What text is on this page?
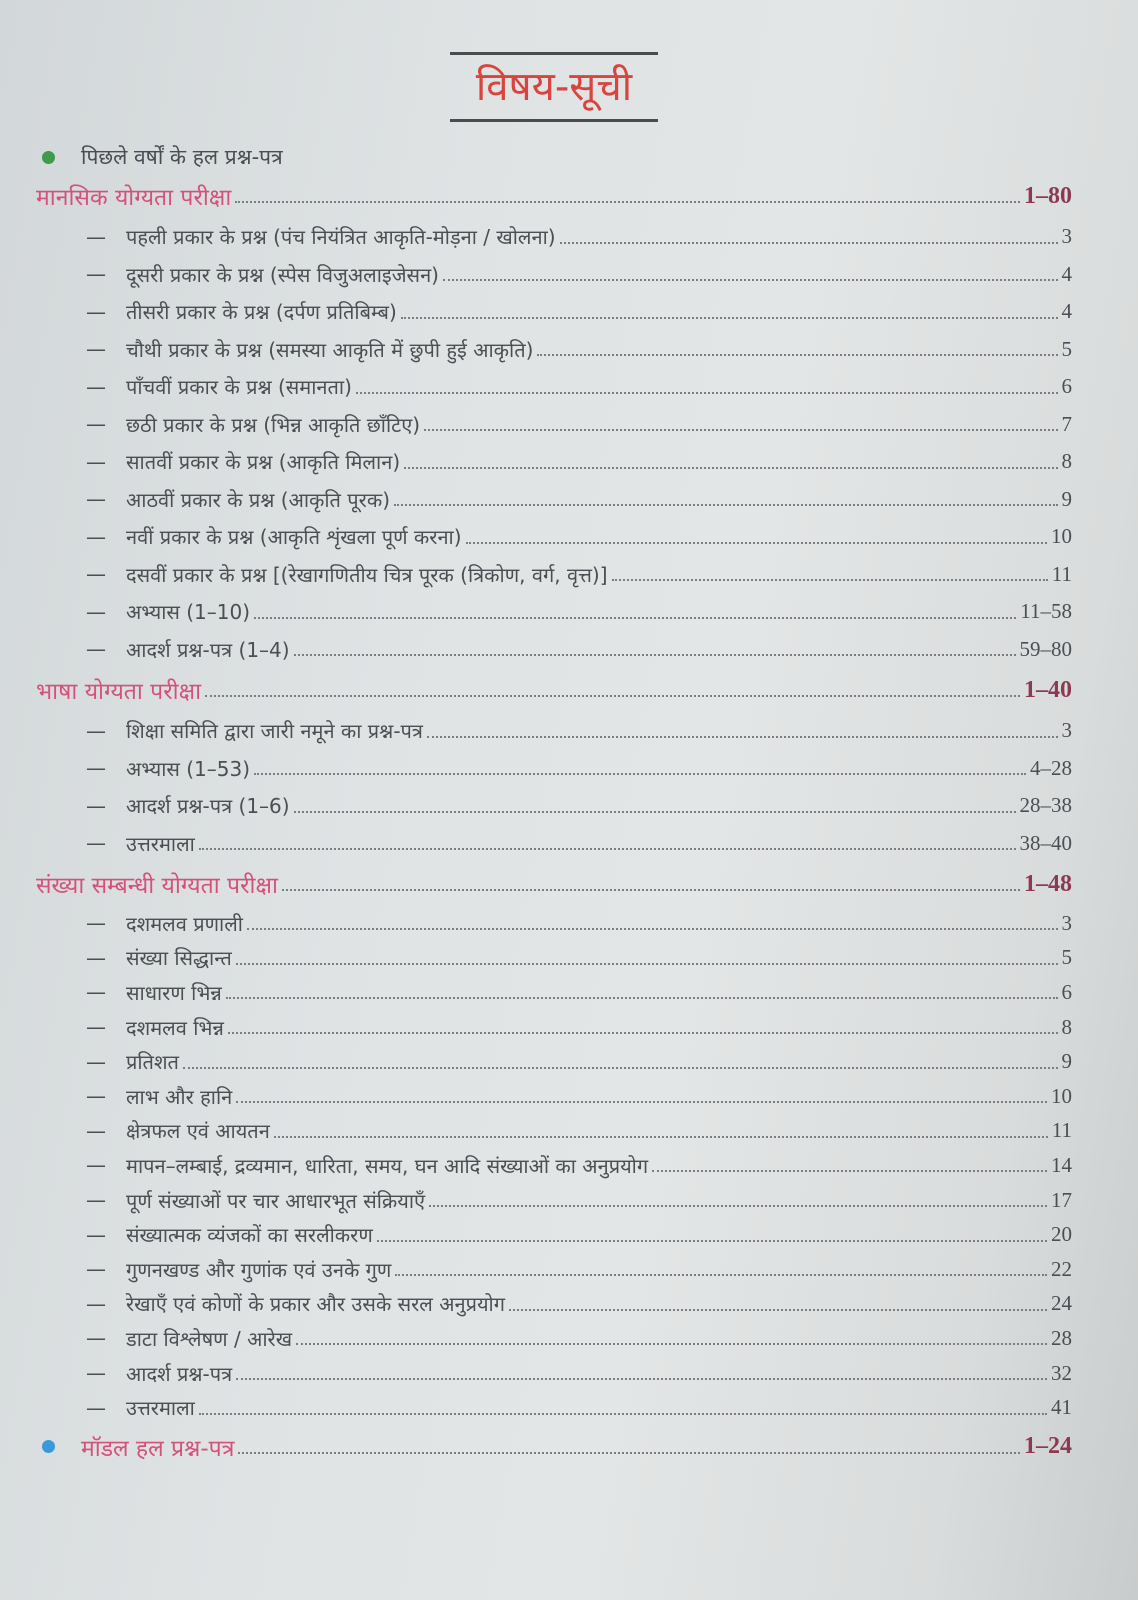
विषय-सूची
पिछले वर्षों के हल प्रश्न-पत्र
मानसिक योग्यता परीक्षा	1–80
—	पहली प्रकार के प्रश्न (पंच नियंत्रित आकृति-मोड़ना / खोलना)	3
—	दूसरी प्रकार के प्रश्न (स्पेस विजुअलाइजेसन)	4
—	तीसरी प्रकार के प्रश्न (दर्पण प्रतिबिम्ब)	4
—	चौथी प्रकार के प्रश्न (समस्या आकृति में छुपी हुई आकृति)	5
—	पाँचवीं प्रकार के प्रश्न (समानता)	6
—	छठी प्रकार के प्रश्न (भिन्न आकृति छाँटिए)	7
—	सातवीं प्रकार के प्रश्न (आकृति मिलान)	8
—	आठवीं प्रकार के प्रश्न (आकृति पूरक)	9
—	नवीं प्रकार के प्रश्न (आकृति शृंखला पूर्ण करना)	10
—	दसवीं प्रकार के प्रश्न [(रेखागणितीय चित्र पूरक (त्रिकोण, वर्ग, वृत्त)]	11
—	अभ्यास (1–10)	11–58
—	आदर्श प्रश्न-पत्र (1–4)	59–80
भाषा योग्यता परीक्षा	1–40
—	शिक्षा समिति द्वारा जारी नमूने का प्रश्न-पत्र	3
—	अभ्यास (1–53)	4–28
—	आदर्श प्रश्न-पत्र (1–6)	28–38
—	उत्तरमाला	38–40
संख्या सम्बन्धी योग्यता परीक्षा	1–48
—	दशमलव प्रणाली	3
—	संख्या सिद्धान्त	5
—	साधारण भिन्न	6
—	दशमलव भिन्न	8
—	प्रतिशत	9
—	लाभ और हानि	10
—	क्षेत्रफल एवं आयतन	11
—	मापन–लम्बाई, द्रव्यमान, धारिता, समय, घन आदि संख्याओं का अनुप्रयोग	14
—	पूर्ण संख्याओं पर चार आधारभूत संक्रियाएँ	17
—	संख्यात्मक व्यंजकों का सरलीकरण	20
—	गुणनखण्ड और गुणांक एवं उनके गुण	22
—	रेखाएँ एवं कोणों के प्रकार और उसके सरल अनुप्रयोग	24
—	डाटा विश्लेषण / आरेख	28
—	आदर्श प्रश्न-पत्र	32
—	उत्तरमाला	41
मॉडल हल प्रश्न-पत्र	1–24
